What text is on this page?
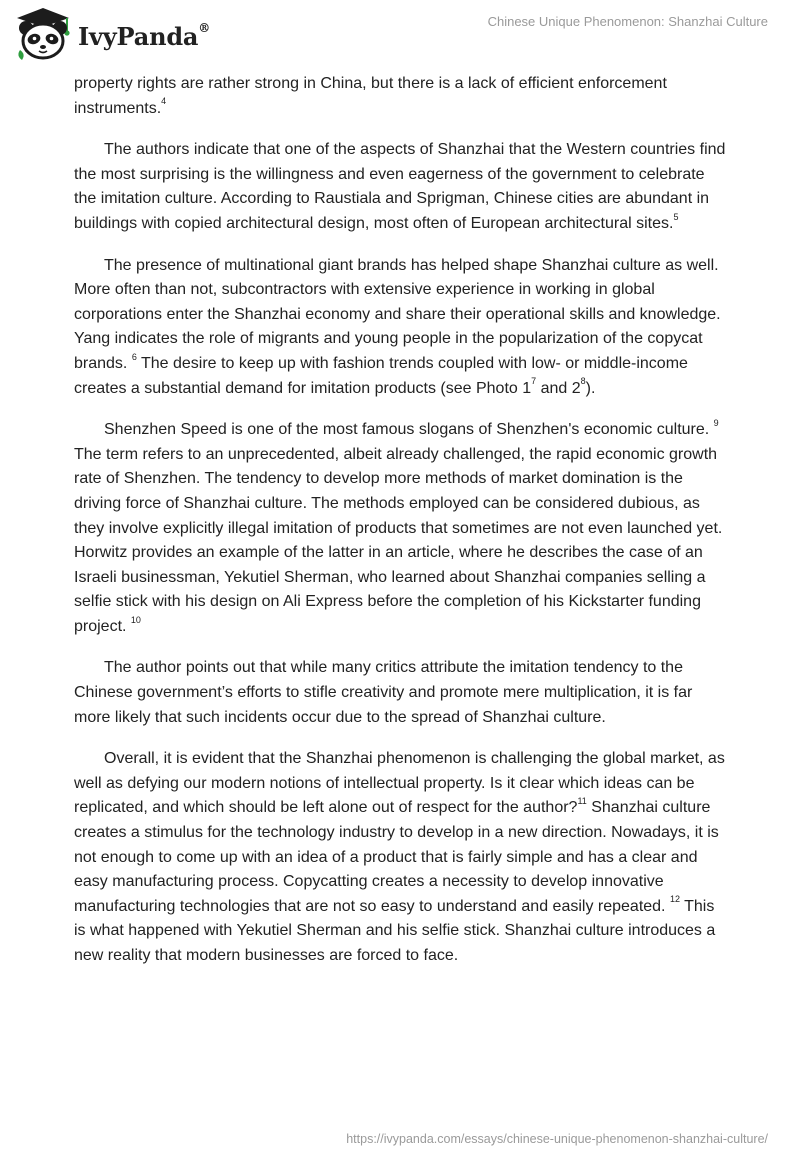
IvyPanda®	Chinese Unique Phenomenon: Shanzhai Culture

property rights are rather strong in China, but there is a lack of efficient enforcement instruments.$^4$

The authors indicate that one of the aspects of Shanzhai that the Western countries find the most surprising is the willingness and even eagerness of the government to celebrate the imitation culture. According to Raustiala and Sprigman, Chinese cities are abundant in buildings with copied architectural design, most often of European architectural sites.$^5$

The presence of multinational giant brands has helped shape Shanzhai culture as well. More often than not, subcontractors with extensive experience in working in global corporations enter the Shanzhai economy and share their operational skills and knowledge. Yang indicates the role of migrants and young people in the popularization of the copycat brands. $^6$ The desire to keep up with fashion trends coupled with low- or middle-income creates a substantial demand for imitation products (see Photo $1^7$ and $2^8$).

Shenzhen Speed is one of the most famous slogans of Shenzhen's economic culture. $^9$ The term refers to an unprecedented, albeit already challenged, the rapid economic growth rate of Shenzhen. The tendency to develop more methods of market domination is the driving force of Shanzhai culture. The methods employed can be considered dubious, as they involve explicitly illegal imitation of products that sometimes are not even launched yet. Horwitz provides an example of the latter in an article, where he describes the case of an Israeli businessman, Yekutiel Sherman, who learned about Shanzhai companies selling a selfie stick with his design on Ali Express before the completion of his Kickstarter funding project. $^{10}$

The author points out that while many critics attribute the imitation tendency to the Chinese government’s efforts to stifle creativity and promote mere multiplication, it is far more likely that such incidents occur due to the spread of Shanzhai culture.

Overall, it is evident that the Shanzhai phenomenon is challenging the global market, as well as defying our modern notions of intellectual property. Is it clear which ideas can be replicated, and which should be left alone out of respect for the author?$^{11}$ Shanzhai culture creates a stimulus for the technology industry to develop in a new direction. Nowadays, it is not enough to come up with an idea of a product that is fairly simple and has a clear and easy manufacturing process. Copycatting creates a necessity to develop innovative manufacturing technologies that are not so easy to understand and easily repeated. $^{12}$ This is what happened with Yekutiel Sherman and his selfie stick. Shanzhai culture introduces a new reality that modern businesses are forced to face.

https://ivypanda.com/essays/chinese-unique-phenomenon-shanzhai-culture/
